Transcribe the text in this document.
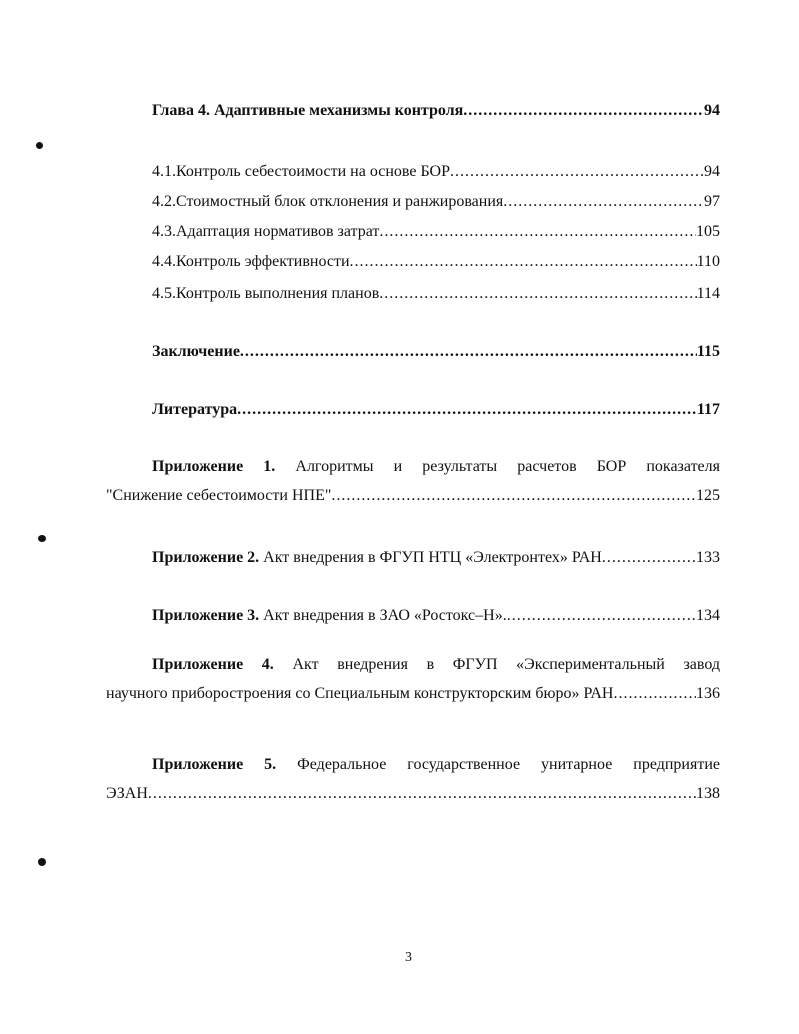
Глава 4. Адаптивные механизмы контроля .....	94
4.1.Контроль себестоимости на основе БОР .....	94
4.2.Стоимостный блок отклонения и ранжирования .....	97
4.3.Адаптация нормативов затрат .....	105
4.4.Контроль эффективности .....	110
4.5.Контроль выполнения планов .....	114
Заключение .....	115
Литература .....	117
Приложение 1. Алгоритмы и результаты расчетов БОР показателя
"Снижение себестоимости НПЕ" .....	125
Приложение 2.
Акт внедрения в ФГУП НТЦ «Электронтех» РАН .....	133
Приложение 3.
Акт внедрения в ЗАО «Ростокс–Н». .....	134
Приложение 4. Акт внедрения в ФГУП «Экспериментальный завод
научного приборостроения со Специальным конструкторским бюро» РАН .....	136
Приложение 5. Федеральное государственное унитарное предприятие
ЭЗАН .....	138
3
